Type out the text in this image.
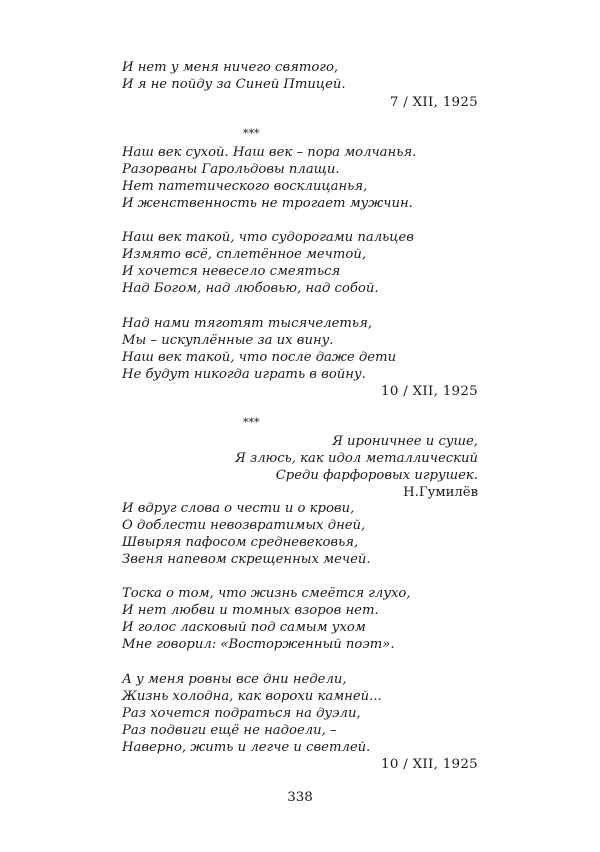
И нет у меня ничего святого,
И я не пойду за Синей Птицей.
7 / XII, 1925
***
Наш век сухой. Наш век – пора молчанья.
Разорваны Гарольдовы плащи.
Нет патетического восклицанья,
И женственность не трогает мужчин.
Наш век такой, что судорогами пальцев
Измято всё, сплетённое мечтой,
И хочется невесело смеяться
Над Богом, над любовью, над собой.
Над нами тяготят тысячелетья,
Мы – искуплённые за их вину.
Наш век такой, что после даже дети
Не будут никогда играть в войну.
10 / XII, 1925
***
Я ироничнее и суше,
Я злюсь, как идол металлический
Среди фарфоровых игрушек.
Н.Гумилёв
И вдруг слова о чести и о крови,
О доблести невозвратимых дней,
Швыряя пафосом средневековья,
Звеня напевом скрещенных мечей.
Тоска о том, что жизнь смеётся глухо,
И нет любви и томных взоров нет.
И голос ласковый под самым ухом
Мне говорил: «Восторженный поэт».
А у меня ровны все дни недели,
Жизнь холодна, как ворохи камней...
Раз хочется подраться на дуэли,
Раз подвиги ещё не надоели, –
Наверно, жить и легче и светлей.
10 / XII, 1925
338
